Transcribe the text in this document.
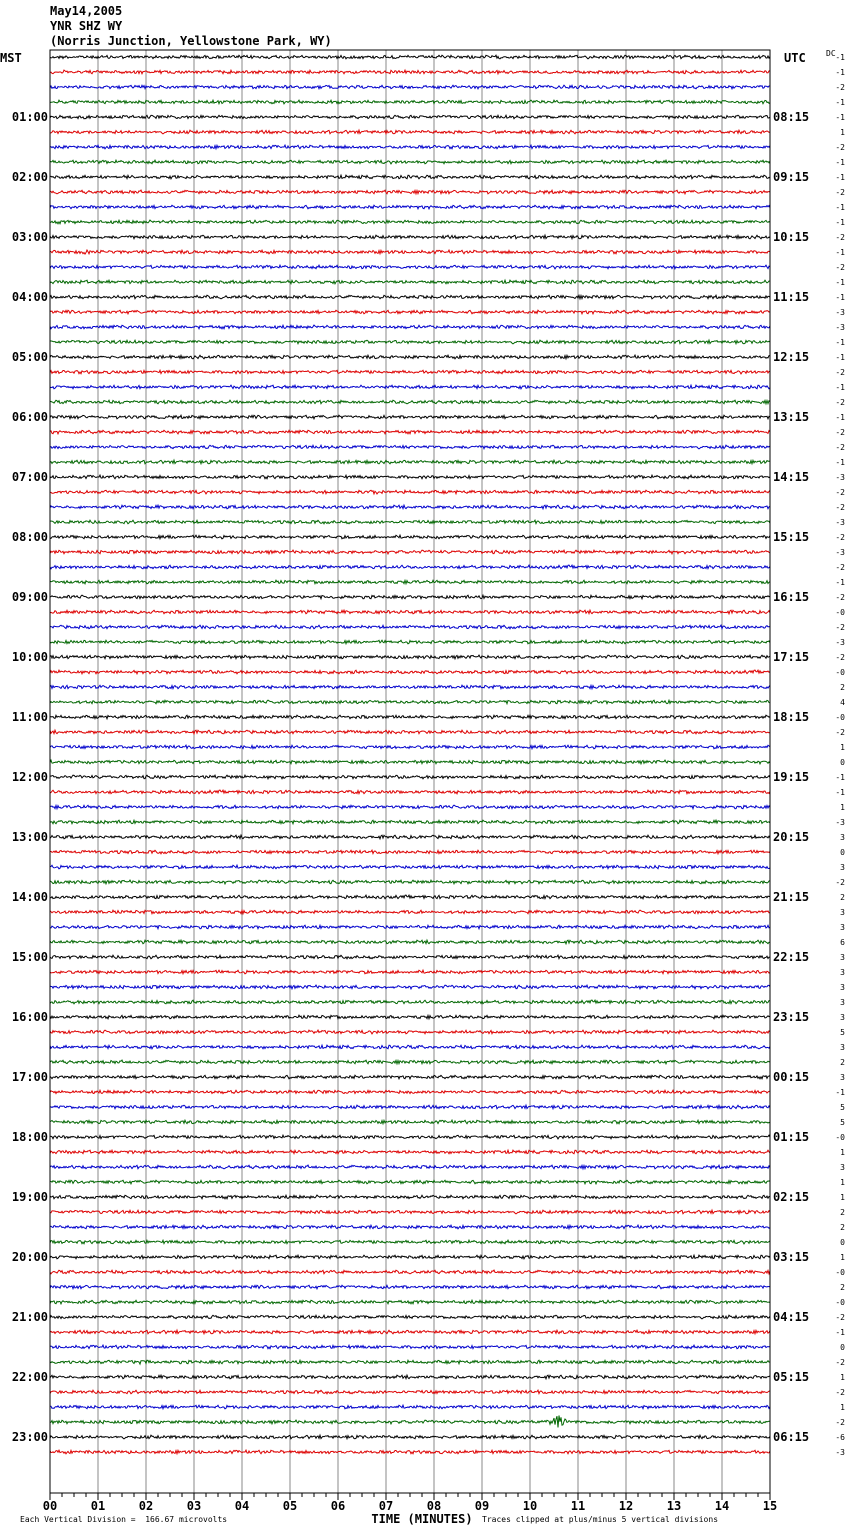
May14,2005
YNR SHZ WY
(Norris Junction, Yellowstone Park, WY)
MST	UTC	DC
01:00
02:00
03:00
04:00
05:00
06:00
07:00
08:00
09:00
10:00
11:00
12:00
13:00
14:00
15:00
16:00
17:00
18:00
19:00
20:00
21:00
22:00
23:00
08:15
09:15
10:15
11:15
12:15
13:15
14:15
15:15
16:15
17:15
18:15
19:15
20:15
21:15
22:15
23:15
00:15
01:15
02:15
03:15
04:15
05:15
06:15
-1
-1
-2
-1
-1
1
-2
-1
-1
-2
-1
-1
-2
-1
-2
-1
-1
-3
-3
-1
-1
-2
-1
-2
-1
-2
-2
-1
-3
-2
-2
-3
-2
-3
-2
-1
-2
-0
-2
-3
-2
-0
2
4
-0
-2
1
0
-1
-1
1
-3
3
0
3
-2
2
3
3
6
3
3
3
3
3
5
3
2
3
-1
5
5
-0
1
3
1
1
2
2
0
1
-0
2
-0
-2
-1
0
-2
1
-2
1
-2
-6
-3
00	01	02	03	04	05	06	07	08	09	10	11	12	13	14	15
TIME (MINUTES)
Each Vertical Division =  166.67 microvolts	Traces clipped at plus/minus 5 vertical divisions
